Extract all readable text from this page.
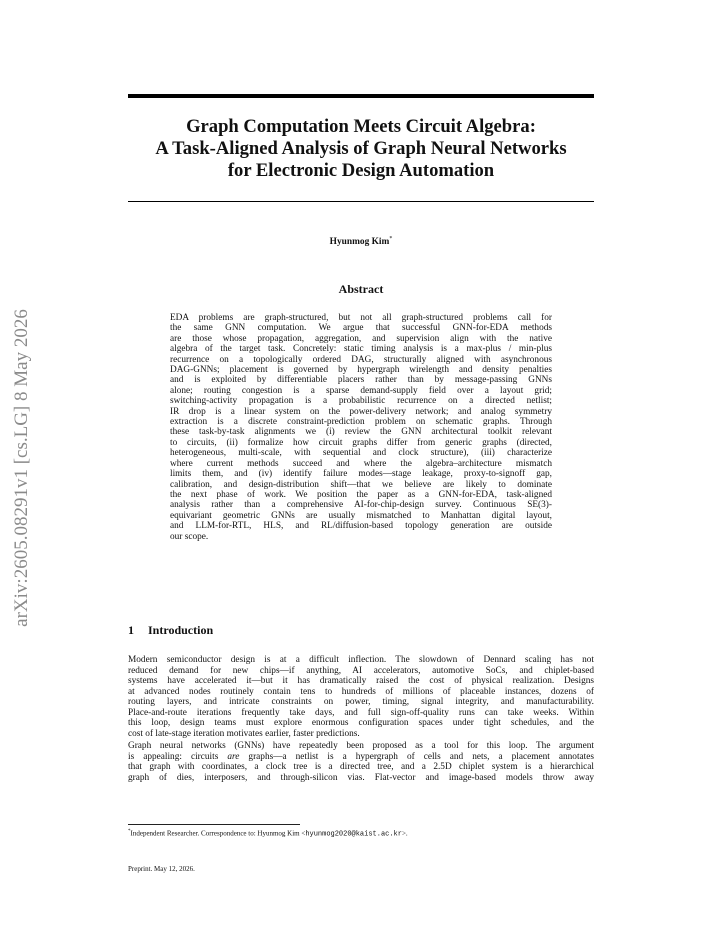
arXiv:2605.08291v1 [cs.LG] 8 May 2026
Graph Computation Meets Circuit Algebra:
A Task-Aligned Analysis of Graph Neural Networks
for Electronic Design Automation
Hyunmog Kim*
Abstract
EDA problems are graph-structured, but not all graph-structured problems call for
the same GNN computation. We argue that successful GNN-for-EDA methods
are those whose propagation, aggregation, and supervision align with the native
algebra of the target task. Concretely: static timing analysis is a max-plus / min-plus
recurrence on a topologically ordered DAG, structurally aligned with asynchronous
DAG-GNNs; placement is governed by hypergraph wirelength and density penalties
and is exploited by differentiable placers rather than by message-passing GNNs
alone; routing congestion is a sparse demand-supply field over a layout grid;
switching-activity propagation is a probabilistic recurrence on a directed netlist;
IR drop is a linear system on the power-delivery network; and analog symmetry
extraction is a discrete constraint-prediction problem on schematic graphs. Through
these task-by-task alignments we (i) review the GNN architectural toolkit relevant
to circuits, (ii) formalize how circuit graphs differ from generic graphs (directed,
heterogeneous, multi-scale, with sequential and clock structure), (iii) characterize
where current methods succeed and where the algebra–architecture mismatch
limits them, and (iv) identify failure modes—stage leakage, proxy-to-signoff gap,
calibration, and design-distribution shift—that we believe are likely to dominate
the next phase of work. We position the paper as a GNN-for-EDA, task-aligned
analysis rather than a comprehensive AI-for-chip-design survey. Continuous SE(3)-
equivariant geometric GNNs are usually mismatched to Manhattan digital layout,
and LLM-for-RTL, HLS, and RL/diffusion-based topology generation are outside
our scope.
1 Introduction
Modern semiconductor design is at a difficult inflection. The slowdown of Dennard scaling has not
reduced demand for new chips—if anything, AI accelerators, automotive SoCs, and chiplet-based
systems have accelerated it—but it has dramatically raised the cost of physical realization. Designs
at advanced nodes routinely contain tens to hundreds of millions of placeable instances, dozens of
routing layers, and intricate constraints on power, timing, signal integrity, and manufacturability.
Place-and-route iterations frequently take days, and full sign-off-quality runs can take weeks. Within
this loop, design teams must explore enormous configuration spaces under tight schedules, and the
cost of late-stage iteration motivates earlier, faster predictions.
Graph neural networks (GNNs) have repeatedly been proposed as a tool for this loop. The argument
is appealing: circuits are graphs—a netlist is a hypergraph of cells and nets, a placement annotates
that graph with coordinates, a clock tree is a directed tree, and a 2.5D chiplet system is a hierarchical
graph of dies, interposers, and through-silicon vias. Flat-vector and image-based models throw away
*Independent Researcher. Correspondence to: Hyunmog Kim <hyunmog2020@kaist.ac.kr>.
Preprint. May 12, 2026.
